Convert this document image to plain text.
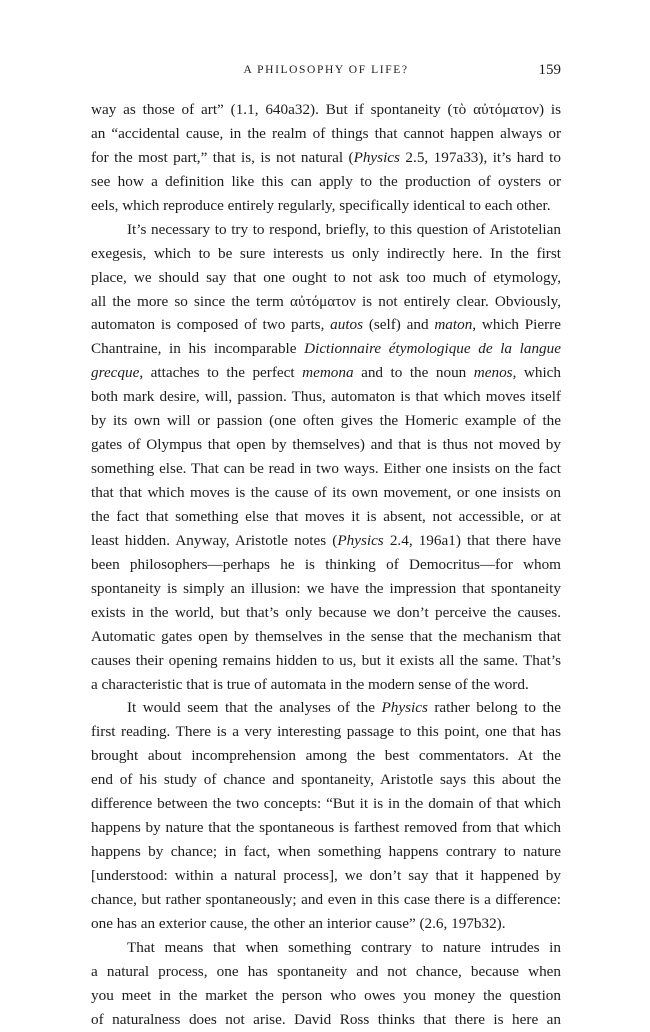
A PHILOSOPHY OF LIFE?	159

way as those of art” (1.1, 640a32). But if spontaneity (τὸ αὐτόματον) is
an “accidental cause, in the realm of things that cannot happen always or
for the most part,” that is, is not natural (Physics 2.5, 197a33), it’s hard to
see how a definition like this can apply to the production of oysters or
eels, which reproduce entirely regularly, specifically identical to each other.

It’s necessary to try to respond, briefly, to this question of Aristotelian
exegesis, which to be sure interests us only indirectly here. In the first
place, we should say that one ought to not ask too much of etymology,
all the more so since the term αὐτόματον is not entirely clear. Obviously,
automaton is composed of two parts, autos (self) and maton, which Pierre
Chantraine, in his incomparable Dictionnaire étymologique de la langue
grecque, attaches to the perfect memona and to the noun menos, which
both mark desire, will, passion. Thus, automaton is that which moves itself
by its own will or passion (one often gives the Homeric example of the
gates of Olympus that open by themselves) and that is thus not moved by
something else. That can be read in two ways. Either one insists on the fact
that that which moves is the cause of its own movement, or one insists on
the fact that something else that moves it is absent, not accessible, or at
least hidden. Anyway, Aristotle notes (Physics 2.4, 196a1) that there have
been philosophers—perhaps he is thinking of Democritus—for whom
spontaneity is simply an illusion: we have the impression that spontaneity
exists in the world, but that’s only because we don’t perceive the causes.
Automatic gates open by themselves in the sense that the mechanism that
causes their opening remains hidden to us, but it exists all the same. That’s
a characteristic that is true of automata in the modern sense of the word.

It would seem that the analyses of the Physics rather belong to the
first reading. There is a very interesting passage to this point, one that has
brought about incomprehension among the best commentators. At the
end of his study of chance and spontaneity, Aristotle says this about the
difference between the two concepts: “But it is in the domain of that which
happens by nature that the spontaneous is farthest removed from that which
happens by chance; in fact, when something happens contrary to nature
[understood: within a natural process], we don’t say that it happened by
chance, but rather spontaneously; and even in this case there is a difference:
one has an exterior cause, the other an interior cause” (2.6, 197b32).

That means that when something contrary to nature intrudes in
a natural process, one has spontaneity and not chance, because when
you meet in the market the person who owes you money the question
of naturalness does not arise. David Ross thinks that there is here an
